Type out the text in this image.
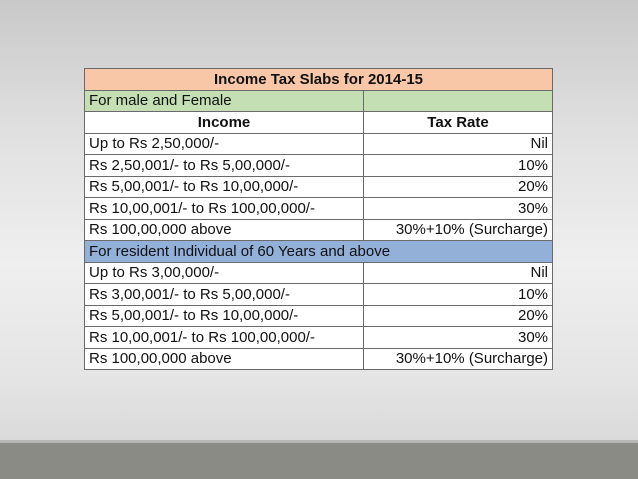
Income Tax Slabs for 2014-15	
For male and Female	
Income	Tax Rate
Up to Rs 2,50,000/-	Nil
Rs 2,50,001/- to Rs 5,00,000/-	10%
Rs 5,00,001/- to Rs 10,00,000/-	20%
Rs 10,00,001/- to Rs 100,00,000/-	30%
Rs 100,00,000 above	30%+10% (Surcharge)
For resident Individual of 60 Years and above	
Up to Rs 3,00,000/-	Nil
Rs 3,00,001/- to Rs 5,00,000/-	10%
Rs 5,00,001/- to Rs 10,00,000/-	20%
Rs 10,00,001/- to Rs 100,00,000/-	30%
Rs 100,00,000 above	30%+10% (Surcharge)
